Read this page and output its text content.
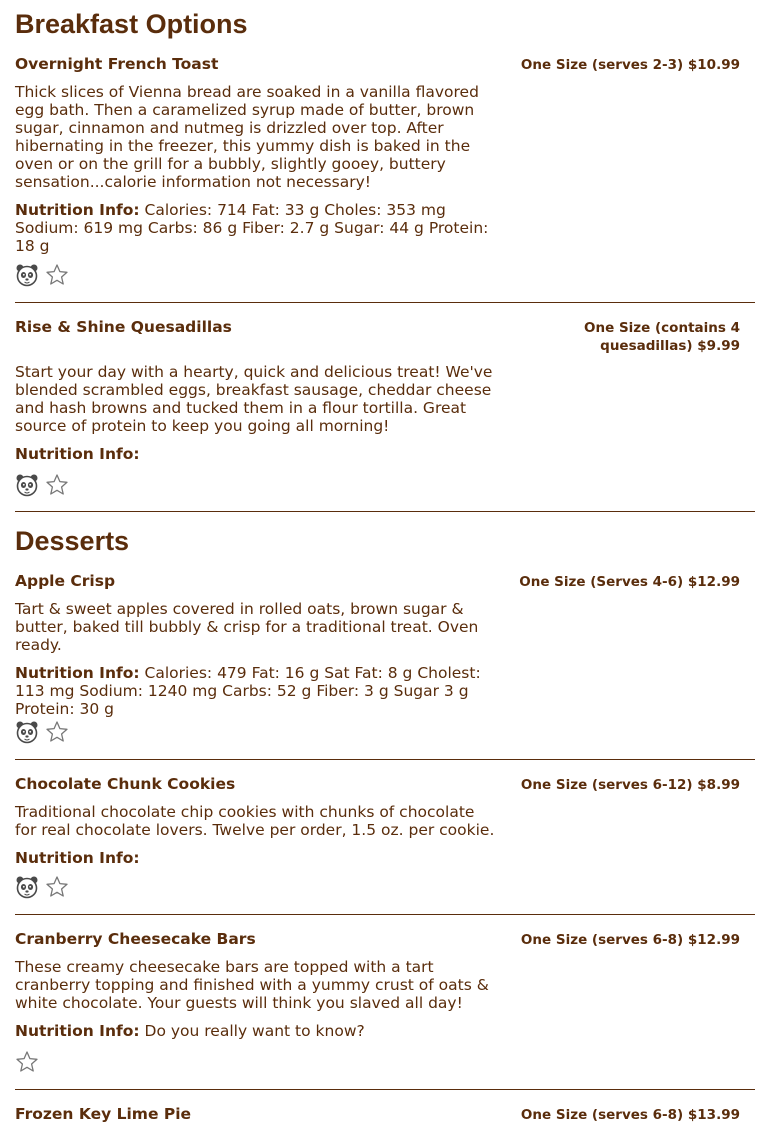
Breakfast Options
Overnight French Toast	One Size (serves 2-3) $10.99
Thick slices of Vienna bread are soaked in a vanilla flavored egg bath. Then a caramelized syrup made of butter, brown sugar, cinnamon and nutmeg is drizzled over top. After hibernating in the freezer, this yummy dish is baked in the oven or on the grill for a bubbly, slightly gooey, buttery sensation...calorie information not necessary!
Nutrition Info: Calories: 714 Fat: 33 g Choles: 353 mg Sodium: 619 mg Carbs: 86 g Fiber: 2.7 g Sugar: 44 g Protein: 18 g
Rise & Shine Quesadillas	One Size (contains 4
quesadillas) $9.99
Start your day with a hearty, quick and delicious treat! We've blended scrambled eggs, breakfast sausage, cheddar cheese and hash browns and tucked them in a flour tortilla. Great source of protein to keep you going all morning!
Nutrition Info:
Desserts
Apple Crisp	One Size (Serves 4-6) $12.99
Tart & sweet apples covered in rolled oats, brown sugar & butter, baked till bubbly & crisp for a traditional treat. Oven ready.
Nutrition Info: Calories: 479 Fat: 16 g Sat Fat: 8 g Cholest: 113 mg Sodium: 1240 mg Carbs: 52 g Fiber: 3 g Sugar 3 g Protein: 30 g
Chocolate Chunk Cookies	One Size (serves 6-12) $8.99
Traditional chocolate chip cookies with chunks of chocolate for real chocolate lovers. Twelve per order, 1.5 oz. per cookie.
Nutrition Info:
Cranberry Cheesecake Bars	One Size (serves 6-8) $12.99
These creamy cheesecake bars are topped with a tart cranberry topping and finished with a yummy crust of oats & white chocolate. Your guests will think you slaved all day!
Nutrition Info: Do you really want to know?
Frozen Key Lime Pie	One Size (serves 6-8) $13.99
